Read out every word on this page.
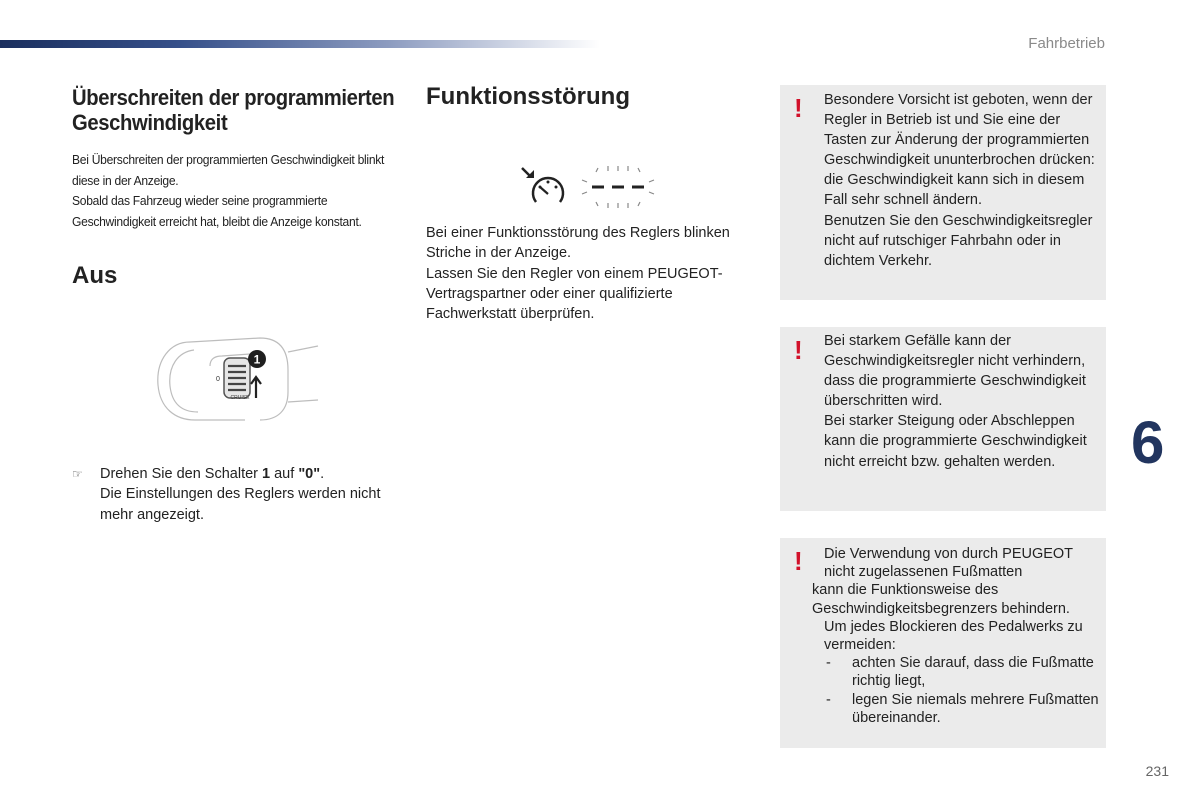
Fahrbetrieb
Überschreiten der programmierten Geschwindigkeit

Bei Überschreiten der programmierten Geschwindigkeit blinkt diese in der Anzeige.

Sobald das Fahrzeug wieder seine programmierte Geschwindigkeit erreicht hat, bleibt die Anzeige konstant.

Aus
1
0
CRUISE
☞ Drehen Sie den Schalter 1 auf "0".
Die Einstellungen des Reglers werden nicht mehr angezeigt.
Funktionsstörung

Bei einer Funktionsstörung des Reglers blinken Striche in der Anzeige.

Lassen Sie den Regler von einem PEUGEOT-Vertragspartner oder einer qualifizierte Fachwerkstatt überprüfen.

! Besondere Vorsicht ist geboten, wenn der Regler in Betrieb ist und Sie eine der Tasten zur Änderung der programmierten Geschwindigkeit ununterbrochen drücken: die Geschwindigkeit kann sich in diesem Fall sehr schnell ändern.

Benutzen Sie den Geschwindigkeitsregler nicht auf rutschiger Fahrbahn oder in dichtem Verkehr.

! Bei starkem Gefälle kann der Geschwindigkeitsregler nicht verhindern, dass die programmierte Geschwindigkeit überschritten wird.

Bei starker Steigung oder Abschleppen kann die programmierte Geschwindigkeit nicht erreicht bzw. gehalten werden.

! Die Verwendung von durch PEUGEOT nicht zugelassenen Fußmatten

kann die Funktionsweise des Geschwindigkeitsbegrenzers behindern.

Um jedes Blockieren des Pedalwerks zu vermeiden:

- achten Sie darauf, dass die Fußmatte richtig liegt,
- legen Sie niemals mehrere Fußmatten übereinander.
6
231
